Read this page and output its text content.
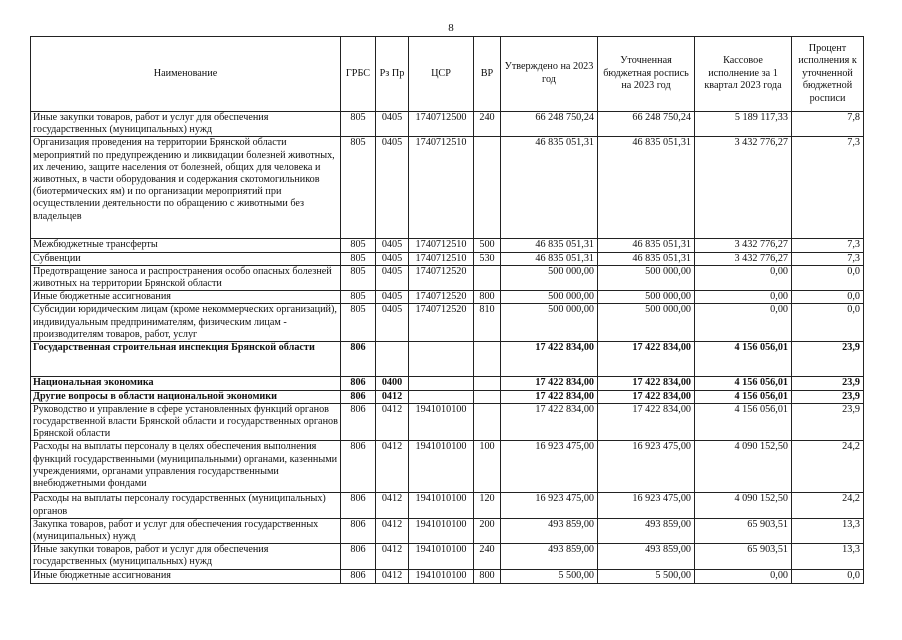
8
Наименование	ГРБС	Рз Пр	ЦСР	ВР	Утверждено на 2023 год	Уточненная бюджетная роспись на 2023 год	Кассовое исполнение за 1 квартал 2023 года	Процент исполнения к уточненной бюджетной росписи
Иные закупки товаров, работ и услуг для обеспечения государственных (муниципальных) нужд	805	0405	1740712500	240	66 248 750,24	66 248 750,24	5 189 117,33	7,8
Организация проведения на территории Брянской области мероприятий по предупреждению и ликвидации болезней животных, их лечению, защите населения от болезней, общих для человека и животных, в части оборудования и содержания скотомогильников (биотермических ям) и по организации мероприятий при осуществлении деятельности по обращению с животными без владельцев	805	0405	1740712510		46 835 051,31	46 835 051,31	3 432 776,27	7,3
Межбюджетные трансферты	805	0405	1740712510	500	46 835 051,31	46 835 051,31	3 432 776,27	7,3
Субвенции	805	0405	1740712510	530	46 835 051,31	46 835 051,31	3 432 776,27	7,3
Предотвращение заноса и распространения особо опасных болезней животных на территории Брянской области	805	0405	1740712520		500 000,00	500 000,00	0,00	0,0
Иные бюджетные ассигнования	805	0405	1740712520	800	500 000,00	500 000,00	0,00	0,0
Субсидии юридическим лицам (кроме некоммерческих организаций), индивидуальным предпринимателям, физическим лицам - производителям товаров, работ, услуг	805	0405	1740712520	810	500 000,00	500 000,00	0,00	0,0
Государственная строительная инспекция Брянской области	806				17 422 834,00	17 422 834,00	4 156 056,01	23,9
Национальная экономика	806	0400			17 422 834,00	17 422 834,00	4 156 056,01	23,9
Другие вопросы в области национальной экономики	806	0412			17 422 834,00	17 422 834,00	4 156 056,01	23,9
Руководство и управление в сфере установленных функций органов государственной власти Брянской области и государственных органов Брянской области	806	0412	1941010100		17 422 834,00	17 422 834,00	4 156 056,01	23,9
Расходы на выплаты персоналу в целях обеспечения выполнения функций государственными (муниципальными) органами, казенными учреждениями, органами управления государственными внебюджетными фондами	806	0412	1941010100	100	16 923 475,00	16 923 475,00	4 090 152,50	24,2
Расходы на выплаты персоналу государственных (муниципальных) органов	806	0412	1941010100	120	16 923 475,00	16 923 475,00	4 090 152,50	24,2
Закупка товаров, работ и услуг для обеспечения государственных (муниципальных) нужд	806	0412	1941010100	200	493 859,00	493 859,00	65 903,51	13,3
Иные закупки товаров, работ и услуг для обеспечения государственных (муниципальных) нужд	806	0412	1941010100	240	493 859,00	493 859,00	65 903,51	13,3
Иные бюджетные ассигнования	806	0412	1941010100	800	5 500,00	5 500,00	0,00	0,0
